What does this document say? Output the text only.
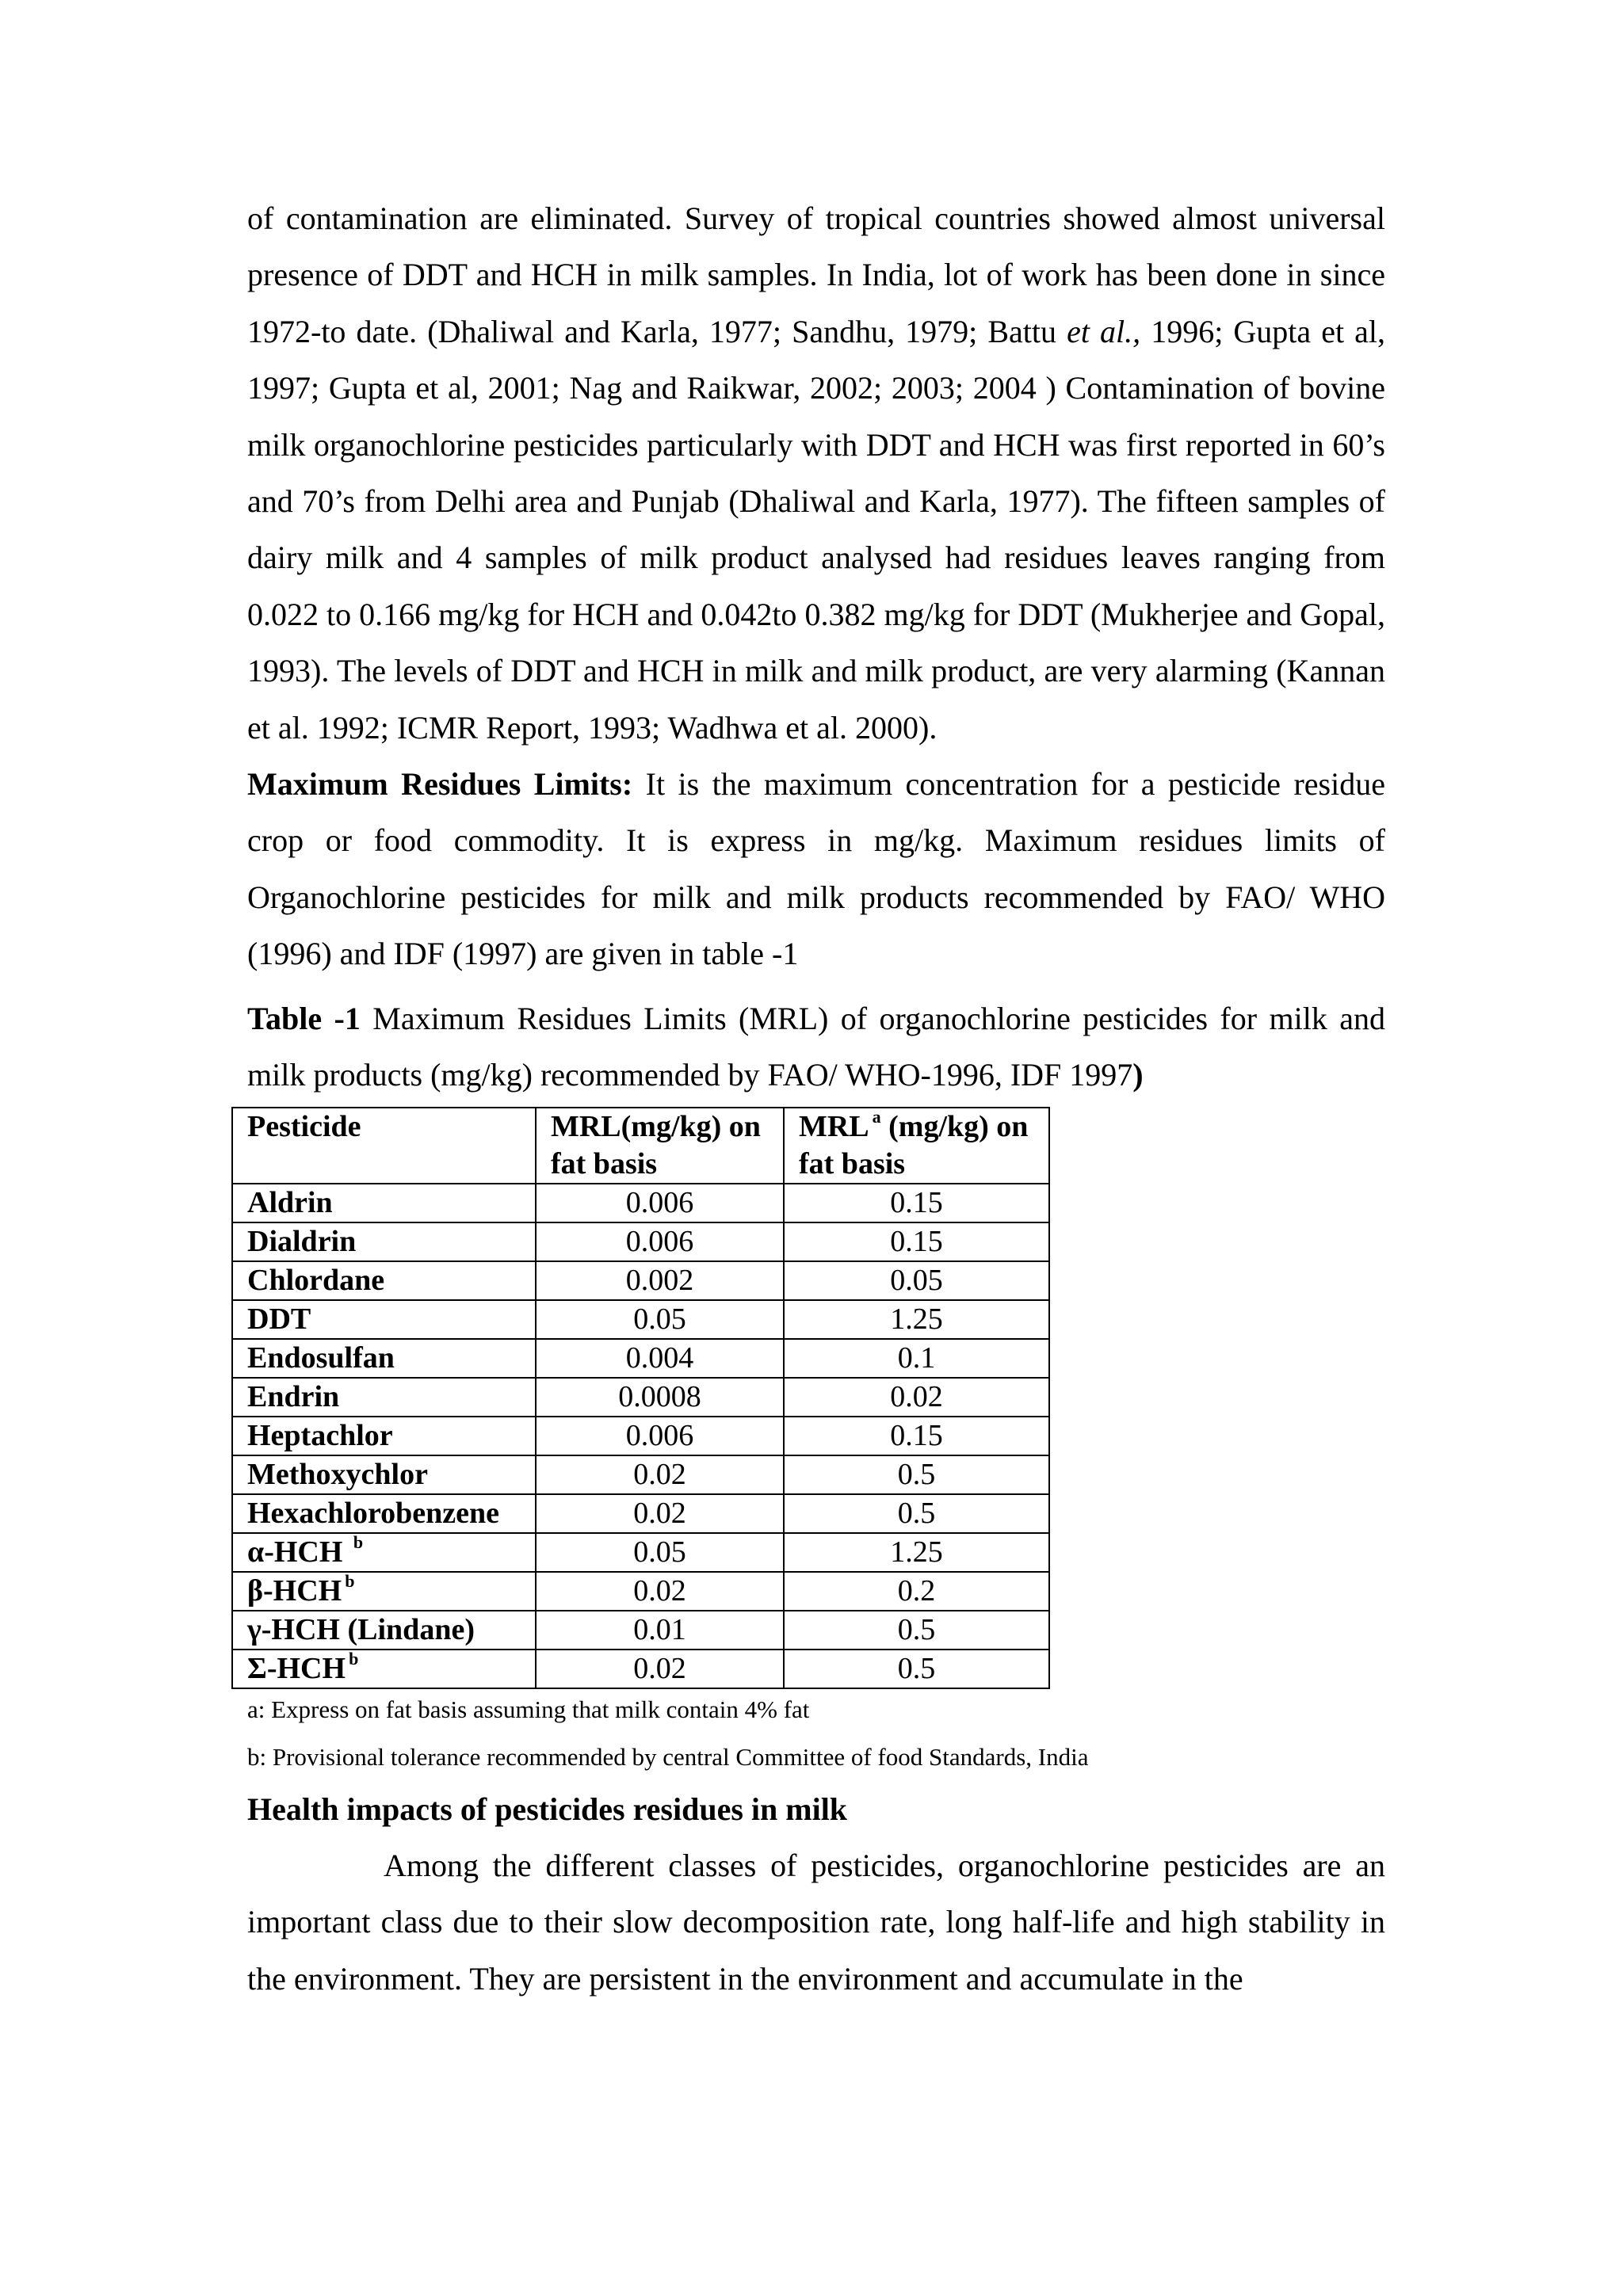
of contamination are eliminated. Survey of tropical countries showed almost universal presence of DDT and HCH in milk samples. In India, lot of work has been done in since 1972-to date. (Dhaliwal and Karla, 1977; Sandhu, 1979; Battu et al., 1996; Gupta et al, 1997; Gupta et al, 2001; Nag and Raikwar, 2002; 2003; 2004 ) Contamination of bovine milk organochlorine pesticides particularly with DDT and HCH was first reported in 60’s and 70’s from Delhi area and Punjab (Dhaliwal and Karla, 1977). The fifteen samples of dairy milk and 4 samples of milk product analysed had residues leaves ranging from 0.022 to 0.166 mg/kg for HCH and 0.042to 0.382 mg/kg for DDT (Mukherjee and Gopal, 1993). The levels of DDT and HCH in milk and milk product, are very alarming (Kannan et al. 1992; ICMR Report, 1993; Wadhwa et al. 2000).

Maximum Residues Limits: It is the maximum concentration for a pesticide residue crop or food commodity. It is express in mg/kg. Maximum residues limits of Organochlorine pesticides for milk and milk products recommended by FAO/ WHO (1996) and IDF (1997) are given in table -1

Table -1 Maximum Residues Limits (MRL) of organochlorine pesticides for milk and milk products (mg/kg) recommended by FAO/ WHO-1996, IDF 1997)

Pesticide	MRL(mg/kg) on fat basis	MRL $^a$ (mg/kg) on fat basis
Aldrin	0.006	0.15
Dialdrin	0.006	0.15
Chlordane	0.002	0.05
DDT	0.05	1.25
Endosulfan	0.004	0.1
Endrin	0.0008	0.02
Heptachlor	0.006	0.15
Methoxychlor	0.02	0.5
Hexachlorobenzene	0.02	0.5
α-HCH $^b$	0.05	1.25
β-HCH $^b$	0.02	0.2
γ-HCH (Lindane)	0.01	0.5
Σ-HCH $^b$	0.02	0.5

a: Express on fat basis assuming that milk contain 4% fat

b: Provisional tolerance recommended by central Committee of food Standards, India

Health impacts of pesticides residues in milk

Among the different classes of pesticides, organochlorine pesticides are an important class due to their slow decomposition rate, long half-life and high stability in the environment. They are persistent in the environment and accumulate in the
